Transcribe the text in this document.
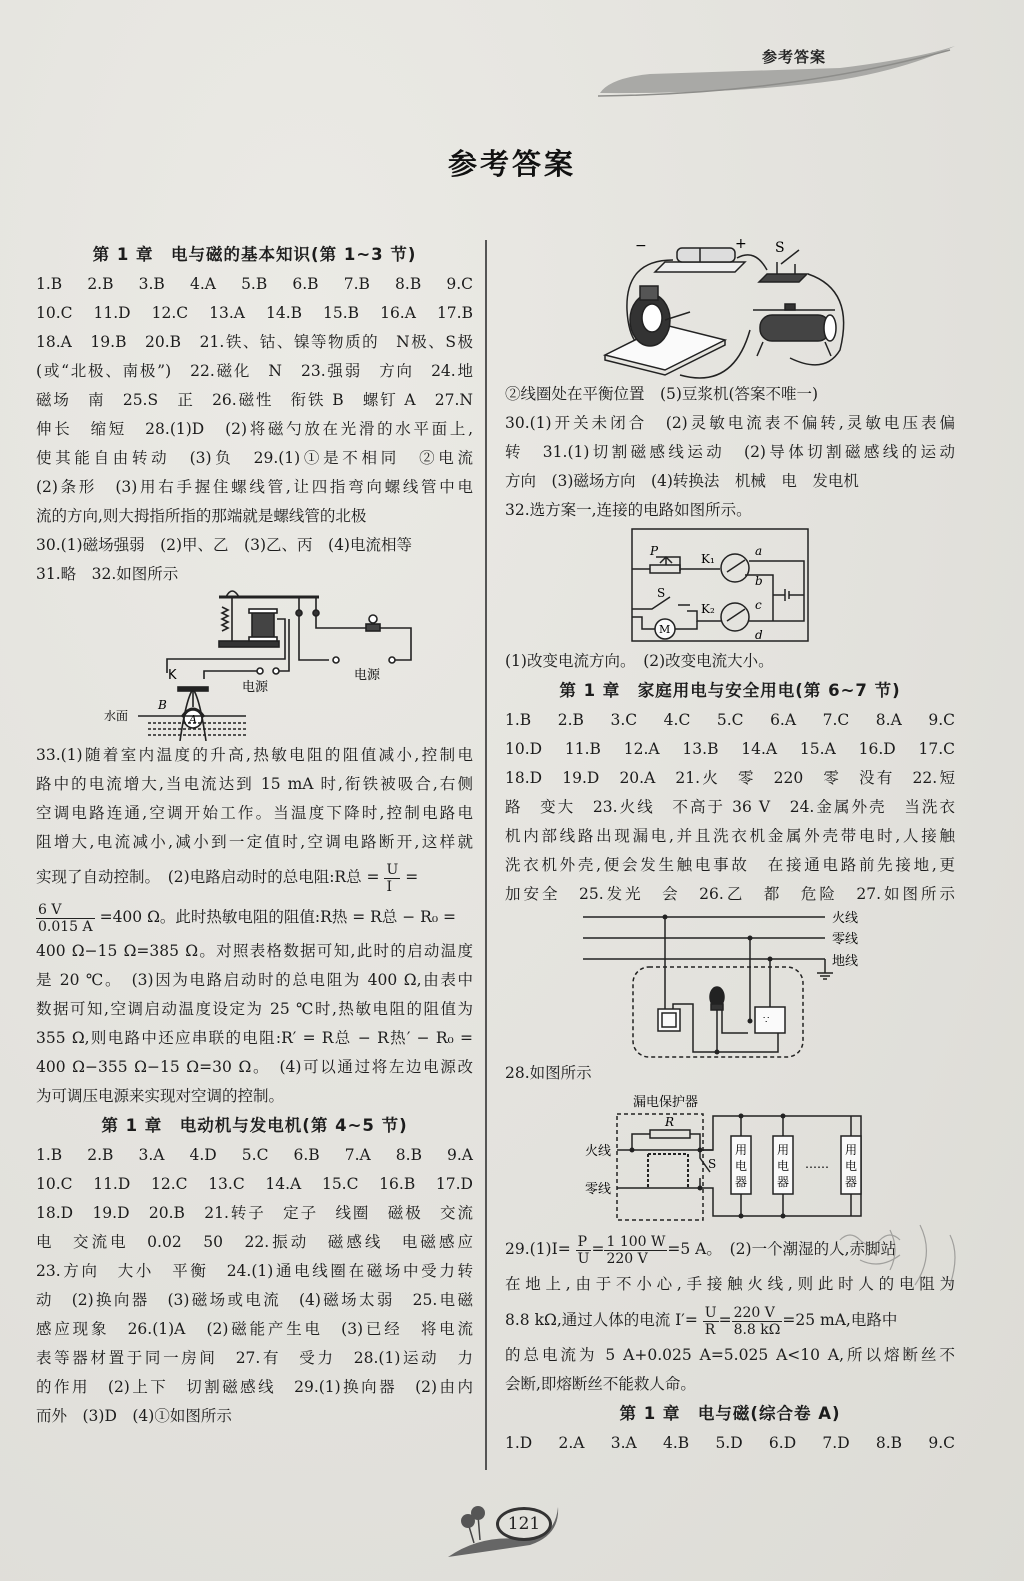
参考答案
参考答案
第 1 章　电与磁的基本知识(第 1~3 节)
1.B　2.B　3.B　4.A　5.B　6.B　7.B　8.B　9.C
10.C　11.D　12.C　13.A　14.B　15.B　16.A　17.B
18.A　19.B　20.B　21.铁、钴、镍等物质的　N极、S极
(或“北极、南极”)　22.磁化　N　23.强弱　方向　24.地
磁场　南　25.S　正　26.磁性　衔铁 B　螺钉 A　27.N
伸长　缩短　28.(1)D　(2)将磁勺放在光滑的水平面上,
使其能自由转动　(3)负　29.(1)①是不相同　②电流
(2)条形　(3)用右手握住螺线管,让四指弯向螺线管中电
流的方向,则大拇指所指的那端就是螺线管的北极
30.(1)磁场强弱　(2)甲、乙　(3)乙、丙　(4)电流相等
31.略　32.如图所示
K
B
A
水面
电源
电源
33.(1)随着室内温度的升高,热敏电阻的阻值减小,控制电
路中的电流增大,当电流达到 15 mA 时,衔铁被吸合,右侧
空调电路连通,空调开始工作。当温度下降时,控制电路电
阻增大,电流减小,减小到一定值时,空调电路断开,这样就
实现了自动控制。　(2)电路启动时的总电阻:R总 = $\frac{U}{I}$ =
$\frac{6 V}{0.015 A} =400$ Ω。此时热敏电阻的阻值:R热 = R总 − R₀ =
400 Ω−15 Ω=385 Ω。对照表格数据可知,此时的启动温度
是 20 ℃。　(3)因为电路启动时的总电阻为 400 Ω,由表中
数据可知,空调启动温度设定为 25 ℃时,热敏电阻的阻值为
355 Ω,则电路中还应串联的电阻:R′ = R总 − R热′ − R₀ =
400 Ω−355 Ω−15 Ω=30 Ω。　(4)可以通过将左边电源改
为可调压电源来实现对空调的控制。
第 1 章　电动机与发电机(第 4~5 节)
1.B　2.B　3.A　4.D　5.C　6.B　7.A　8.B　9.A
10.C　11.D　12.C　13.C　14.A　15.C　16.B　17.D
18.D　19.D　20.B　21.转子　定子　线圈　磁极　交流
电　交流电　0.02　50　22.振动　磁感线　电磁感应
23.方向　大小　平衡　24.(1)通电线圈在磁场中受力转
动　(2)换向器　(3)磁场或电流　(4)磁场太弱　25.电磁
感应现象　26.(1)A　(2)磁能产生电　(3)已经　将电流
表等器材置于同一房间　27.有　受力　28.(1)运动　力
的作用　(2)上下　切割磁感线　29.(1)换向器　(2)由内
而外　(3)D　(4)①如图所示
−	+ S
②线圈处在平衡位置　(5)豆浆机(答案不唯一)
30.(1)开关未闭合　(2)灵敏电流表不偏转,灵敏电压表偏
转　31.(1)切割磁感线运动　(2)导体切割磁感线的运动
方向　(3)磁场方向　(4)转换法　机械　电　发电机
32.选方案一,连接的电路如图所示。
P
K₁
K₂
S
M
a
b
c
d
(1)改变电流方向。　(2)改变电流大小。
第 1 章　家庭用电与安全用电(第 6~7 节)
1.B　2.B　3.C　4.C　5.C　6.A　7.C　8.A　9.C
10.D　11.B　12.A　13.B　14.A　15.A　16.D　17.C
18.D　19.D　20.A　21.火　零　220　零　没有　22.短
路　变大　23.火线　不高于 36 V　24.金属外壳　当洗衣
机内部线路出现漏电,并且洗衣机金属外壳带电时,人接触
洗衣机外壳,便会发生触电事故　在接通电路前先接地,更
加安全　25.发光　会　26.乙　都　危险　27.如图所示
∵
火线
零线
地线
28.如图所示
漏电保护器
R
S
火线
零线
……
用
电
器
用
电
器
用
电
器
$29.(1)I= \frac{P}{U} = \frac{1 100 W}{220 V} =5$ A。　(2)一个潮湿的人,赤脚站
在地上,由于不小心,手接触火线,则此时人的电阻为
8.8 kΩ,通过人体的电流 $I'= \frac{U}{R} = \frac{220 V}{8.8 k\Omega} =25$ mA,电路中
的总电流为 5 A+0.025 A=5.025 A<10 A,所以熔断丝不
会断,即熔断丝不能救人命。
第 1 章　电与磁(综合卷 A)
1.D　2.A　3.A　4.B　5.D　6.D　7.D　8.B　9.C
121
